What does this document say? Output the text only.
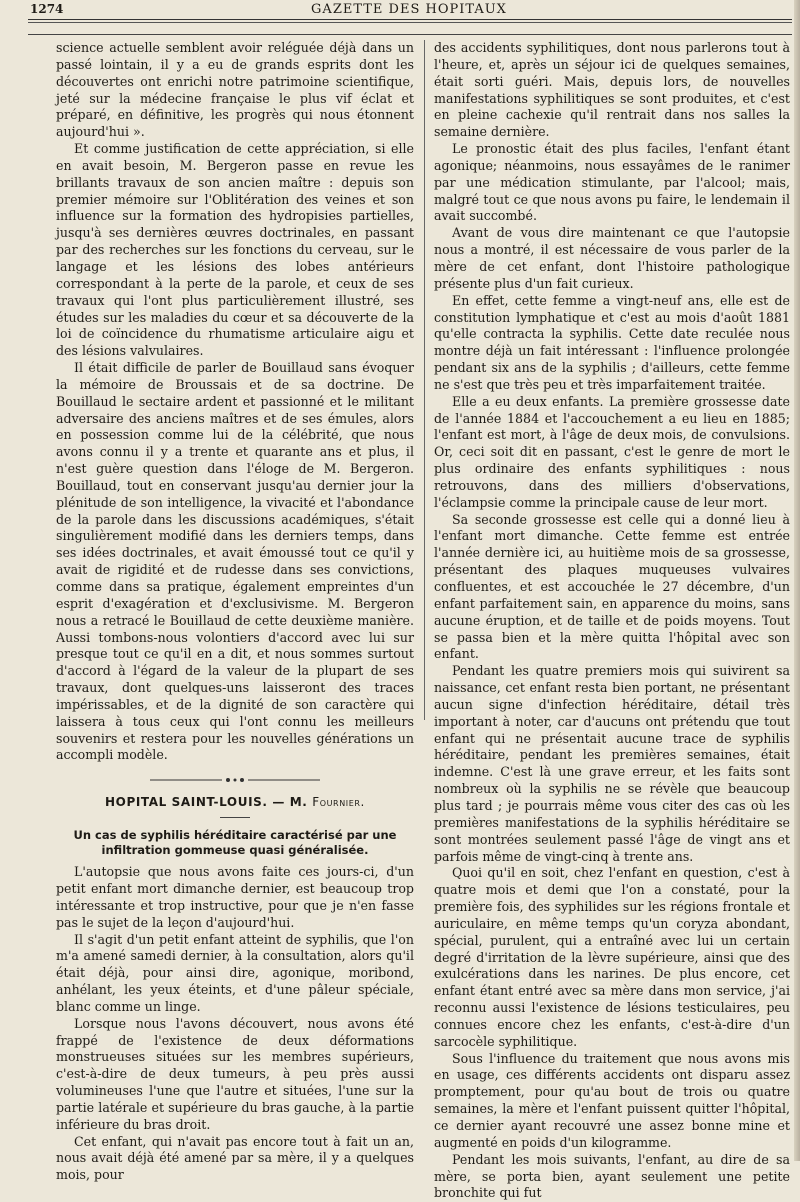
1274	GAZETTE DES HOPITAUX

science actuelle semblent avoir reléguée déjà dans un passé lointain, il y a eu de grands esprits dont les découvertes ont enrichi notre patrimoine scientifique, jeté sur la médecine française le plus vif éclat et préparé, en définitive, les progrès qui nous étonnent aujourd'hui ».

Et comme justification de cette appréciation, si elle en avait besoin, M. Bergeron passe en revue les brillants travaux de son ancien maître : depuis son premier mémoire sur l'Oblitération des veines et son influence sur la formation des hydropisies partielles, jusqu'à ses dernières œuvres doctrinales, en passant par des recherches sur les fonctions du cerveau, sur le langage et les lésions des lobes antérieurs correspondant à la perte de la parole, et ceux de ses travaux qui l'ont plus particulièrement illustré, ses études sur les maladies du cœur et sa découverte de la loi de coïncidence du rhumatisme articulaire aigu et des lésions valvulaires.

Il était difficile de parler de Bouillaud sans évoquer la mémoire de Broussais et de sa doctrine. De Bouillaud le sectaire ardent et passionné et le militant adversaire des anciens maîtres et de ses émules, alors en possession comme lui de la célébrité, que nous avons connu il y a trente et quarante ans et plus, il n'est guère question dans l'éloge de M. Bergeron. Bouillaud, tout en conservant jusqu'au dernier jour la plénitude de son intelligence, la vivacité et l'abondance de la parole dans les discussions académiques, s'était singulièrement modifié dans les derniers temps, dans ses idées doctrinales, et avait émoussé tout ce qu'il y avait de rigidité et de rudesse dans ses convictions, comme dans sa pratique, également empreintes d'un esprit d'exagération et d'exclusivisme. M. Bergeron nous a retracé le Bouillaud de cette deuxième manière. Aussi tombons-nous volontiers d'accord avec lui sur presque tout ce qu'il en a dit, et nous sommes surtout d'accord à l'égard de la valeur de la plupart de ses travaux, dont quelques-uns laisseront des traces impérissables, et de la dignité de son caractère qui laissera à tous ceux qui l'ont connu les meilleurs souvenirs et restera pour les nouvelles générations un accompli modèle.

HOPITAL SAINT-LOUIS. — M. Fournier.
Un cas de syphilis héréditaire caractérisé par une infiltration gommeuse quasi généralisée.

L'autopsie que nous avons faite ces jours-ci, d'un petit enfant mort dimanche dernier, est beaucoup trop intéressante et trop instructive, pour que je n'en fasse pas le sujet de la leçon d'aujourd'hui.

Il s'agit d'un petit enfant atteint de syphilis, que l'on m'a amené samedi dernier, à la consultation, alors qu'il était déjà, pour ainsi dire, agonique, moribond, anhélant, les yeux éteints, et d'une pâleur spéciale, blanc comme un linge.

Lorsque nous l'avons découvert, nous avons été frappé de l'existence de deux déformations monstrueuses situées sur les membres supérieurs, c'est-à-dire de deux tumeurs, à peu près aussi volumineuses l'une que l'autre et situées, l'une sur la partie latérale et supérieure du bras gauche, à la partie inférieure du bras droit.

Cet enfant, qui n'avait pas encore tout à fait un an, nous avait déjà été amené par sa mère, il y a quelques mois, pour

des accidents syphilitiques, dont nous parlerons tout à l'heure, et, après un séjour ici de quelques semaines, était sorti guéri. Mais, depuis lors, de nouvelles manifestations syphilitiques se sont produites, et c'est en pleine cachexie qu'il rentrait dans nos salles la semaine dernière.

Le pronostic était des plus faciles, l'enfant étant agonique; néanmoins, nous essayâmes de le ranimer par une médication stimulante, par l'alcool; mais, malgré tout ce que nous avons pu faire, le lendemain il avait succombé.

Avant de vous dire maintenant ce que l'autopsie nous a montré, il est nécessaire de vous parler de la mère de cet enfant, dont l'histoire pathologique présente plus d'un fait curieux.

En effet, cette femme a vingt-neuf ans, elle est de constitution lymphatique et c'est au mois d'août 1881 qu'elle contracta la syphilis. Cette date reculée nous montre déjà un fait intéressant : l'influence prolongée pendant six ans de la syphilis ; d'ailleurs, cette femme ne s'est que très peu et très imparfaitement traitée.

Elle a eu deux enfants. La première grossesse date de l'année 1884 et l'accouchement a eu lieu en 1885; l'enfant est mort, à l'âge de deux mois, de convulsions. Or, ceci soit dit en passant, c'est le genre de mort le plus ordinaire des enfants syphilitiques : nous retrouvons, dans des milliers d'observations, l'éclampsie comme la principale cause de leur mort.

Sa seconde grossesse est celle qui a donné lieu à l'enfant mort dimanche. Cette femme est entrée l'année dernière ici, au huitième mois de sa grossesse, présentant des plaques muqueuses vulvaires confluentes, et est accouchée le 27 décembre, d'un enfant parfaitement sain, en apparence du moins, sans aucune éruption, et de taille et de poids moyens. Tout se passa bien et la mère quitta l'hôpital avec son enfant.

Pendant les quatre premiers mois qui suivirent sa naissance, cet enfant resta bien portant, ne présentant aucun signe d'infection héréditaire, détail très important à noter, car d'aucuns ont prétendu que tout enfant qui ne présentait aucune trace de syphilis héréditaire, pendant les premières semaines, était indemne. C'est là une grave erreur, et les faits sont nombreux où la syphilis ne se révèle que beaucoup plus tard ; je pourrais même vous citer des cas où les premières manifestations de la syphilis héréditaire se sont montrées seulement passé l'âge de vingt ans et parfois même de vingt-cinq à trente ans.

Quoi qu'il en soit, chez l'enfant en question, c'est à quatre mois et demi que l'on a constaté, pour la première fois, des syphilides sur les régions frontale et auriculaire, en même temps qu'un coryza abondant, spécial, purulent, qui a entraîné avec lui un certain degré d'irritation de la lèvre supérieure, ainsi que des exulcérations dans les narines. De plus encore, cet enfant étant entré avec sa mère dans mon service, j'ai reconnu aussi l'existence de lésions testiculaires, peu connues encore chez les enfants, c'est-à-dire d'un sarcocèle syphilitique.

Sous l'influence du traitement que nous avons mis en usage, ces différents accidents ont disparu assez promptement, pour qu'au bout de trois ou quatre semaines, la mère et l'enfant puissent quitter l'hôpital, ce dernier ayant recouvré une assez bonne mine et augmenté en poids d'un kilogramme.

Pendant les mois suivants, l'enfant, au dire de sa mère, se porta bien, ayant seulement une petite bronchite qui fut
